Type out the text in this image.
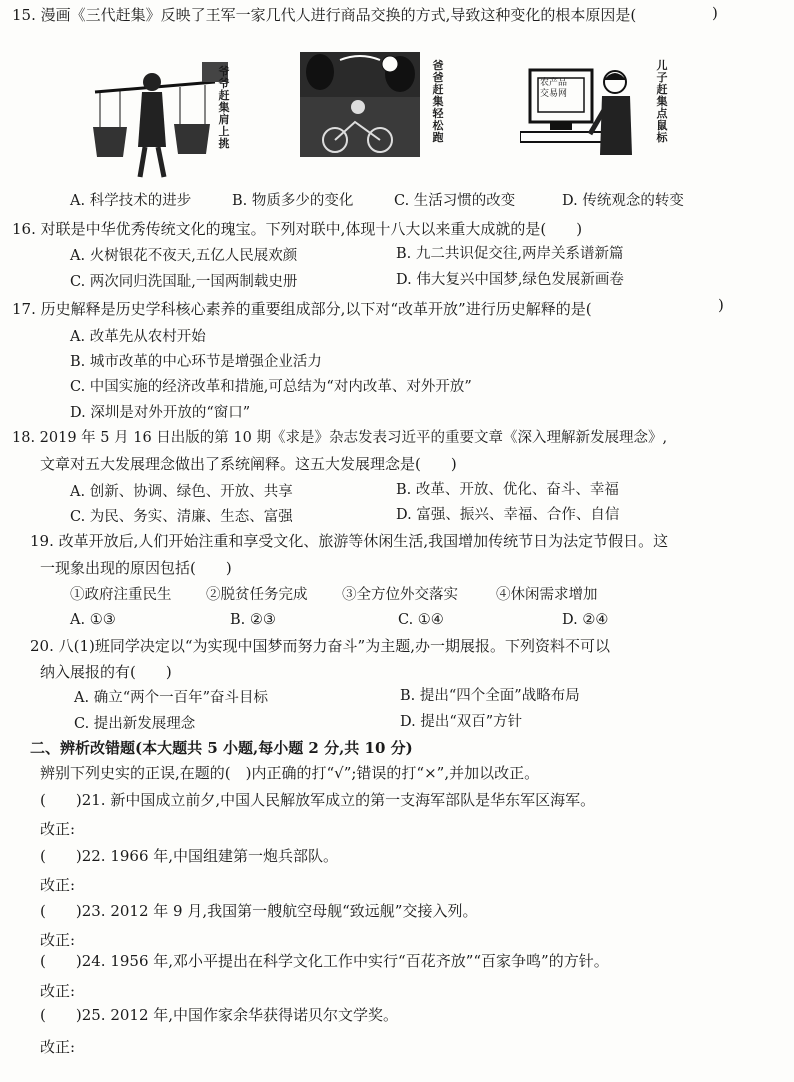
15. 漫画《三代赶集》反映了王军一家几代人进行商品交换的方式,导致这种变化的根本原因是(	)
爷爷赶集肩上挑
爸爸赶集轻松跑
农产品
交易网
儿子赶集点鼠标
A. 科学技术的进步	B. 物质多少的变化	C. 生活习惯的改变	D. 传统观念的转变
16. 对联是中华优秀传统文化的瑰宝。下列对联中,体现十八大以来重大成就的是(　　)
A. 火树银花不夜天,五亿人民展欢颜	B. 九二共识促交往,两岸关系谱新篇
C. 两次同归洗国耻,一国两制载史册	D. 伟大复兴中国梦,绿色发展新画卷
17. 历史解释是历史学科核心素养的重要组成部分,以下对“改革开放”进行历史解释的是(	)
A. 改革先从农村开始
B. 城市改革的中心环节是增强企业活力
C. 中国实施的经济改革和措施,可总结为“对内改革、对外开放”
D. 深圳是对外开放的“窗口”
18. 2019 年 5 月 16 日出版的第 10 期《求是》杂志发表习近平的重要文章《深入理解新发展理念》,
文章对五大发展理念做出了系统阐释。这五大发展理念是(　　)
A. 创新、协调、绿色、开放、共享	B. 改革、开放、优化、奋斗、幸福
C. 为民、务实、清廉、生态、富强	D. 富强、振兴、幸福、合作、自信
19. 改革开放后,人们开始注重和享受文化、旅游等休闲生活,我国增加传统节日为法定节假日。这
一现象出现的原因包括(　　)
①政府注重民生 ②脱贫任务完成 ③全方位外交落实	④休闲需求增加
A. ①③	B. ②③	C. ①④	D. ②④
20. 八(1)班同学决定以“为实现中国梦而努力奋斗”为主题,办一期展报。下列资料不可以
纳入展报的有(　　)
A. 确立“两个一百年”奋斗目标	B. 提出“四个全面”战略布局
C. 提出新发展理念	D. 提出“双百”方针
二、辨析改错题(本大题共 5 小题,每小题 2 分,共 10 分)
辨别下列史实的正误,在题的(　)内正确的打“√”;错误的打“×”,并加以改正。
(　　)21. 新中国成立前夕,中国人民解放军成立的第一支海军部队是华东军区海军。
改正:
(　　)22. 1966 年,中国组建第一炮兵部队。
改正:
(　　)23. 2012 年 9 月,我国第一艘航空母舰“致远舰”交接入列。
改正:
(　　)24. 1956 年,邓小平提出在科学文化工作中实行“百花齐放”“百家争鸣”的方针。
改正:
(　　)25. 2012 年,中国作家余华获得诺贝尔文学奖。
改正:
